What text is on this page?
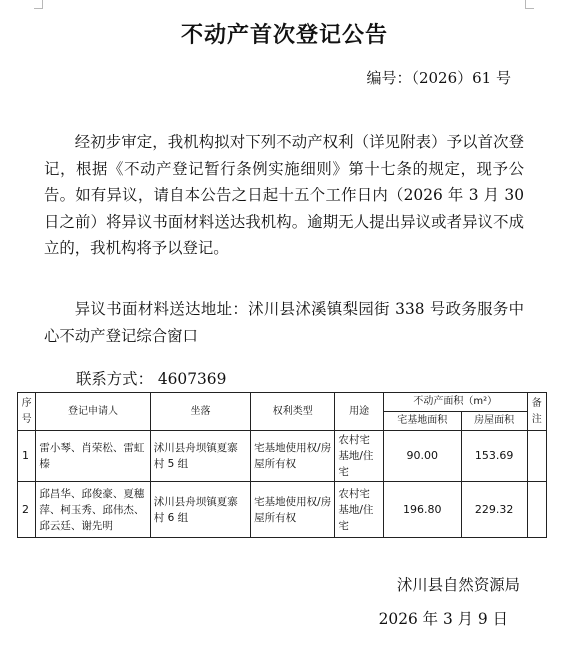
不动产首次登记公告
编号：（2026）61 号

经初步审定，我机构拟对下列不动产权利（详见附表）予以首次登记，根据《不动产登记暂行条例实施细则》第十七条的规定，现予公告。如有异议，请自本公告之日起十五个工作日内（2026 年 3 月 30 日之前）将异议书面材料送达我机构。逾期无人提出异议或者异议不成立的，我机构将予以登记。

异议书面材料送达地址：沭川县沭溪镇梨园街 338 号政务服务中心不动产登记综合窗口

联系方式： 4607369
序号	登记申请人	坐落	权利类型	用途	不动产面积（m²）		备注
					宅基地面积	房屋面积	
1	雷小琴、肖荣松、雷虹榛	沭川县舟坝镇夏寨村 5 组	宅基地使用权/房屋所有权	农村宅基地/住宅	90.00	153.69	
2	邱昌华、邱俊豪、夏穗萍、柯玉秀、邱伟杰、邱云廷、谢先明	沭川县舟坝镇夏寨村 6 组	宅基地使用权/房屋所有权	农村宅基地/住宅	196.80	229.32	
沭川县自然资源局
2026 年 3 月 9 日
